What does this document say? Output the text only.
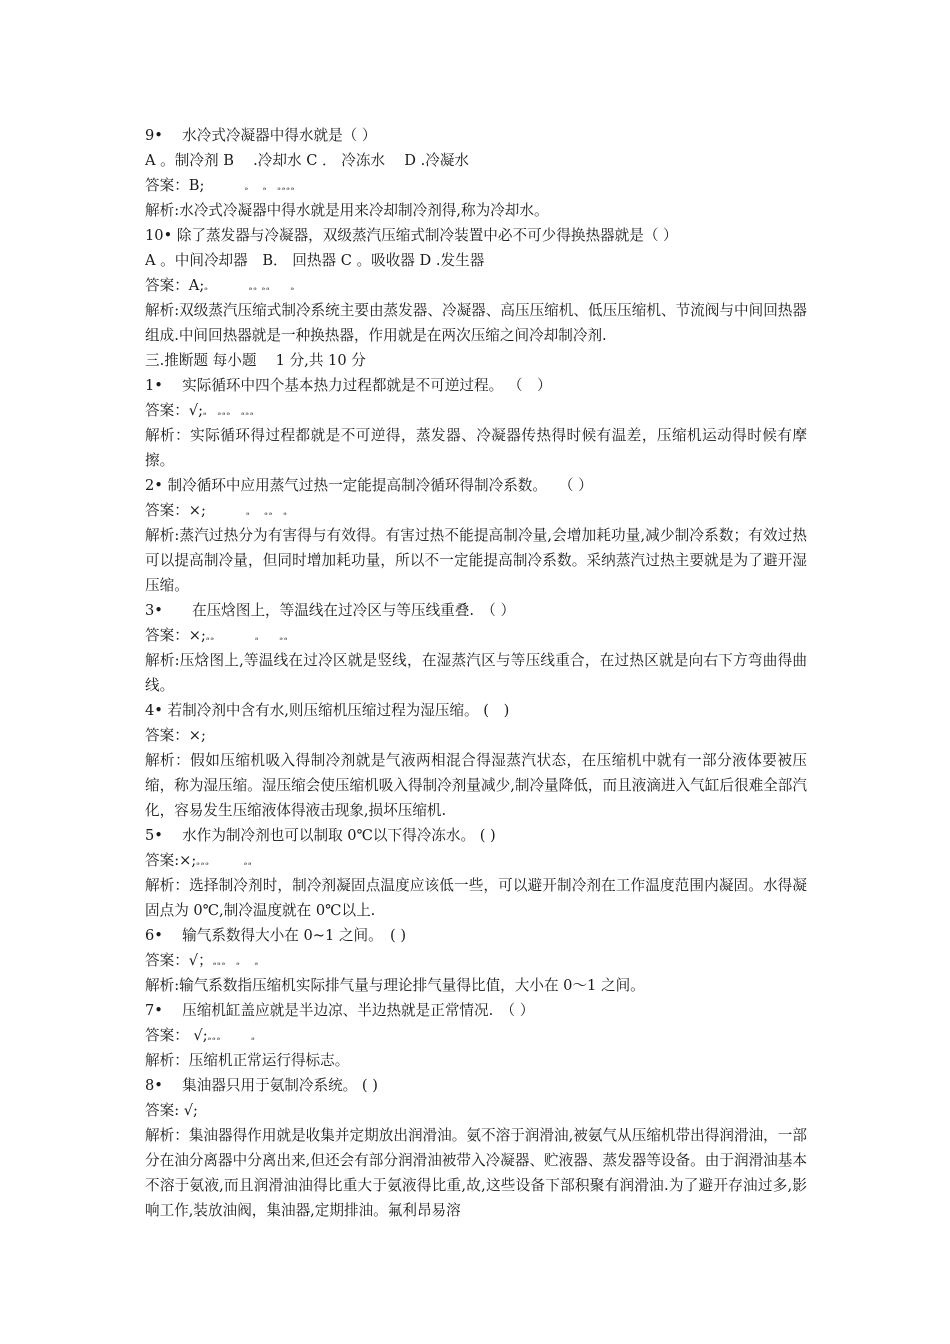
9•　 水冷式冷凝器中得水就是（ ）
A 。制冷剂 B　 .冷却水 C ． 冷冻水　 D .冷凝水
答案：B;　　　　ₔ　 ₔ　ₔₔₔₔ
解析:水冷式冷凝器中得水就是用来冷却制冷剂得,称为冷却水。
10• 除了蒸发器与冷凝器，双级蒸汽压缩式制冷装置中必不可少得换热器就是（ ）
A 。中间冷却器　B． 回热器 C 。吸收器 D .发生器
答案：A;ₔ　　　　ₔₔ ₔₔ　　ₔ
解析:双级蒸汽压缩式制冷系统主要由蒸发器、冷凝器、高压压缩机、低压压缩机、节流阀与中间回热器组成.中间回热器就是一种换热器，作用就是在两次压缩之间冷却制冷剂.
三.推断题 每小题　 1 分,共 10 分
1•　 实际循环中四个基本热力过程都就是不可逆过程。 （　）
答案：√;ₔ　ₔₔₔ　ₔₔₔ
解析：实际循环得过程都就是不可逆得，蒸发器、冷凝器传热得时候有温差，压缩机运动得时候有摩擦。
2• 制冷循环中应用蒸气过热一定能提高制冷循环得制冷系数。　 （ ）
答案：×;　　　　ₔ　 ₔₔ　ₔ
解析:蒸汽过热分为有害得与有效得。有害过热不能提高制冷量,会增加耗功量,减少制冷系数；有效过热可以提高制冷量，但同时增加耗功量，所以不一定能提高制冷系数。采纳蒸汽过热主要就是为了避开湿压缩。
3•　　在压焓图上，等温线在过冷区与等压线重叠.　（ ）
答案：×;ₔₔ　　　　ₔ　　ₔₔ
解析:压焓图上,等温线在过冷区就是竖线，在湿蒸汽区与等压线重合，在过热区就是向右下方弯曲得曲线。
4• 若制冷剂中含有水,则压缩机压缩过程为湿压缩。 (　)
答案：×;
解析：假如压缩机吸入得制冷剂就是气液两相混合得湿蒸汽状态，在压缩机中就有一部分液体要被压缩，称为湿压缩。湿压缩会使压缩机吸入得制冷剂量减少,制冷量降低，而且液滴进入气缸后很难全部汽化，容易发生压缩液体得液击现象,损坏压缩机.
5•　 水作为制冷剂也可以制取 0℃以下得冷冻水。 ( )
答案:×;ₔₔₔ　　　 ₔₔ
解析：选择制冷剂时，制冷剂凝固点温度应该低一些，可以避开制冷剂在工作温度范围内凝固。水得凝固点为 0℃,制冷温度就在 0℃以上.
6•　 输气系数得大小在 0~1 之间。　( )
答案：√；ₔₔₔ　ₔ　 ₔ
解析:输气系数指压缩机实际排气量与理论排气量得比值，大小在 0～1 之间。
7•　 压缩机缸盖应就是半边凉、半边热就是正常情况.　（ ）
答案： √;ₔₔₔ　　　ₔ
解析：压缩机正常运行得标志。
8•　 集油器只用于氨制冷系统。 ( )
答案: √;
解析：集油器得作用就是收集并定期放出润滑油。氨不溶于润滑油,被氨气从压缩机带出得润滑油，一部分在油分离器中分离出来,但还会有部分润滑油被带入冷凝器、贮液器、蒸发器等设备。由于润滑油基本不溶于氨液,而且润滑油油得比重大于氨液得比重,故,这些设备下部积聚有润滑油.为了避开存油过多,影响工作,装放油阀，集油器,定期排油。氟利昂易溶
